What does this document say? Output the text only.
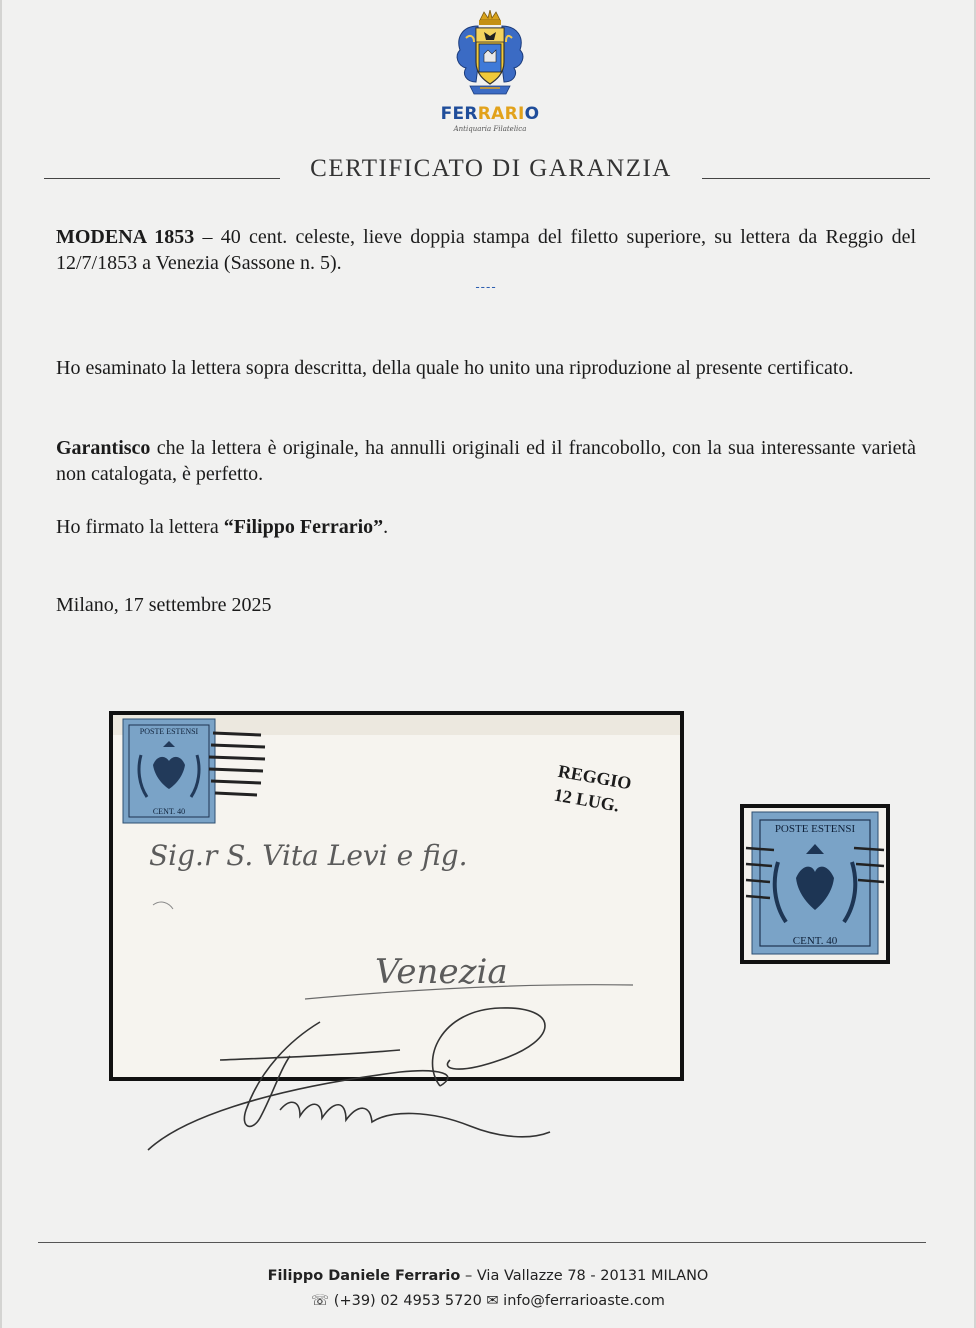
FERRARIO
Antiquaria Filatelica
CERTIFICATO DI GARANZIA
MODENA 1853 – 40 cent. celeste, lieve doppia stampa del filetto superiore, su lettera da Reggio del 12/7/1853 a Venezia (Sassone n. 5).
----
Ho esaminato la lettera sopra descritta, della quale ho unito una riproduzione al presente certificato.
Garantisco che la lettera è originale, ha annulli originali ed il francobollo, con la sua interessante varietà non catalogata, è perfetto.
Ho firmato la lettera “Filippo Ferrario”.
Milano, 17 settembre 2025
POSTE ESTENSI
CENT. 40
REGGIO
12 LUG.
Sig.r S. Vita Levi e fig.
Venezia
POSTE ESTENSI
CENT. 40
Filippo Daniele Ferrario – Via Vallazze 78 - 20131 MILANO
☏ (+39) 02 4953 5720 ✉ info@ferrarioaste.com
